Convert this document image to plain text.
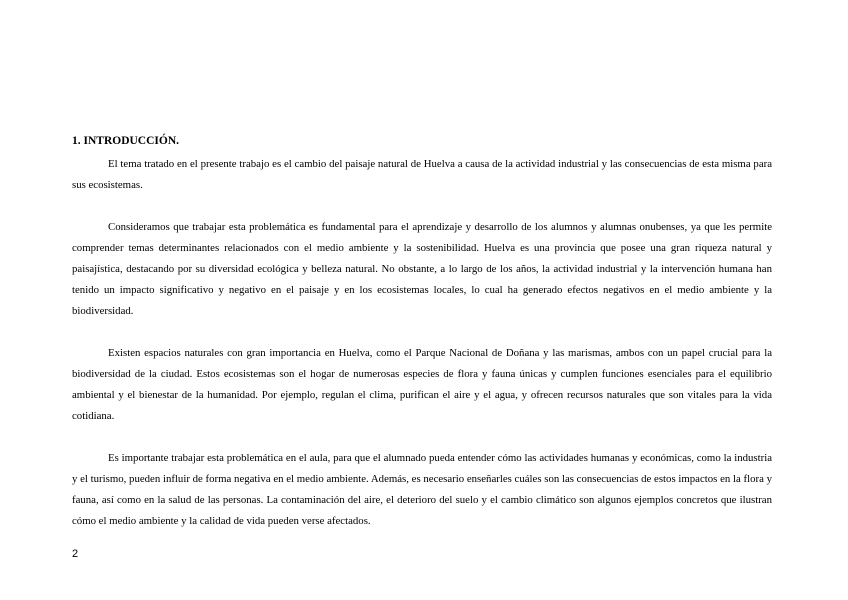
1. INTRODUCCIÓN.

El tema tratado en el presente trabajo es el cambio del paisaje natural de Huelva a causa de la actividad industrial y las consecuencias de esta misma para sus ecosistemas.

Consideramos que trabajar esta problemática es fundamental para el aprendizaje y desarrollo de los alumnos y alumnas onubenses, ya que les permite comprender temas determinantes relacionados con el medio ambiente y la sostenibilidad. Huelva es una provincia que posee una gran riqueza natural y paisajística, destacando por su diversidad ecológica y belleza natural. No obstante, a lo largo de los años, la actividad industrial y la intervención humana han tenido un impacto significativo y negativo en el paisaje y en los ecosistemas locales, lo cual ha generado efectos negativos en el medio ambiente y la biodiversidad.

Existen espacios naturales con gran importancia en Huelva, como el Parque Nacional de Doñana y las marismas, ambos con un papel crucial para la biodiversidad de la ciudad. Estos ecosistemas son el hogar de numerosas especies de flora y fauna únicas y cumplen funciones esenciales para el equilibrio ambiental y el bienestar de la humanidad. Por ejemplo, regulan el clima, purifican el aire y el agua, y ofrecen recursos naturales que son vitales para la vida cotidiana.

Es importante trabajar esta problemática en el aula, para que el alumnado pueda entender cómo las actividades humanas y económicas, como la industria y el turismo, pueden influir de forma negativa en el medio ambiente. Además, es necesario enseñarles cuáles son las consecuencias de estos impactos en la flora y fauna, así como en la salud de las personas. La contaminación del aire, el deterioro del suelo y el cambio climático son algunos ejemplos concretos que ilustran cómo el medio ambiente y la calidad de vida pueden verse afectados.

2
